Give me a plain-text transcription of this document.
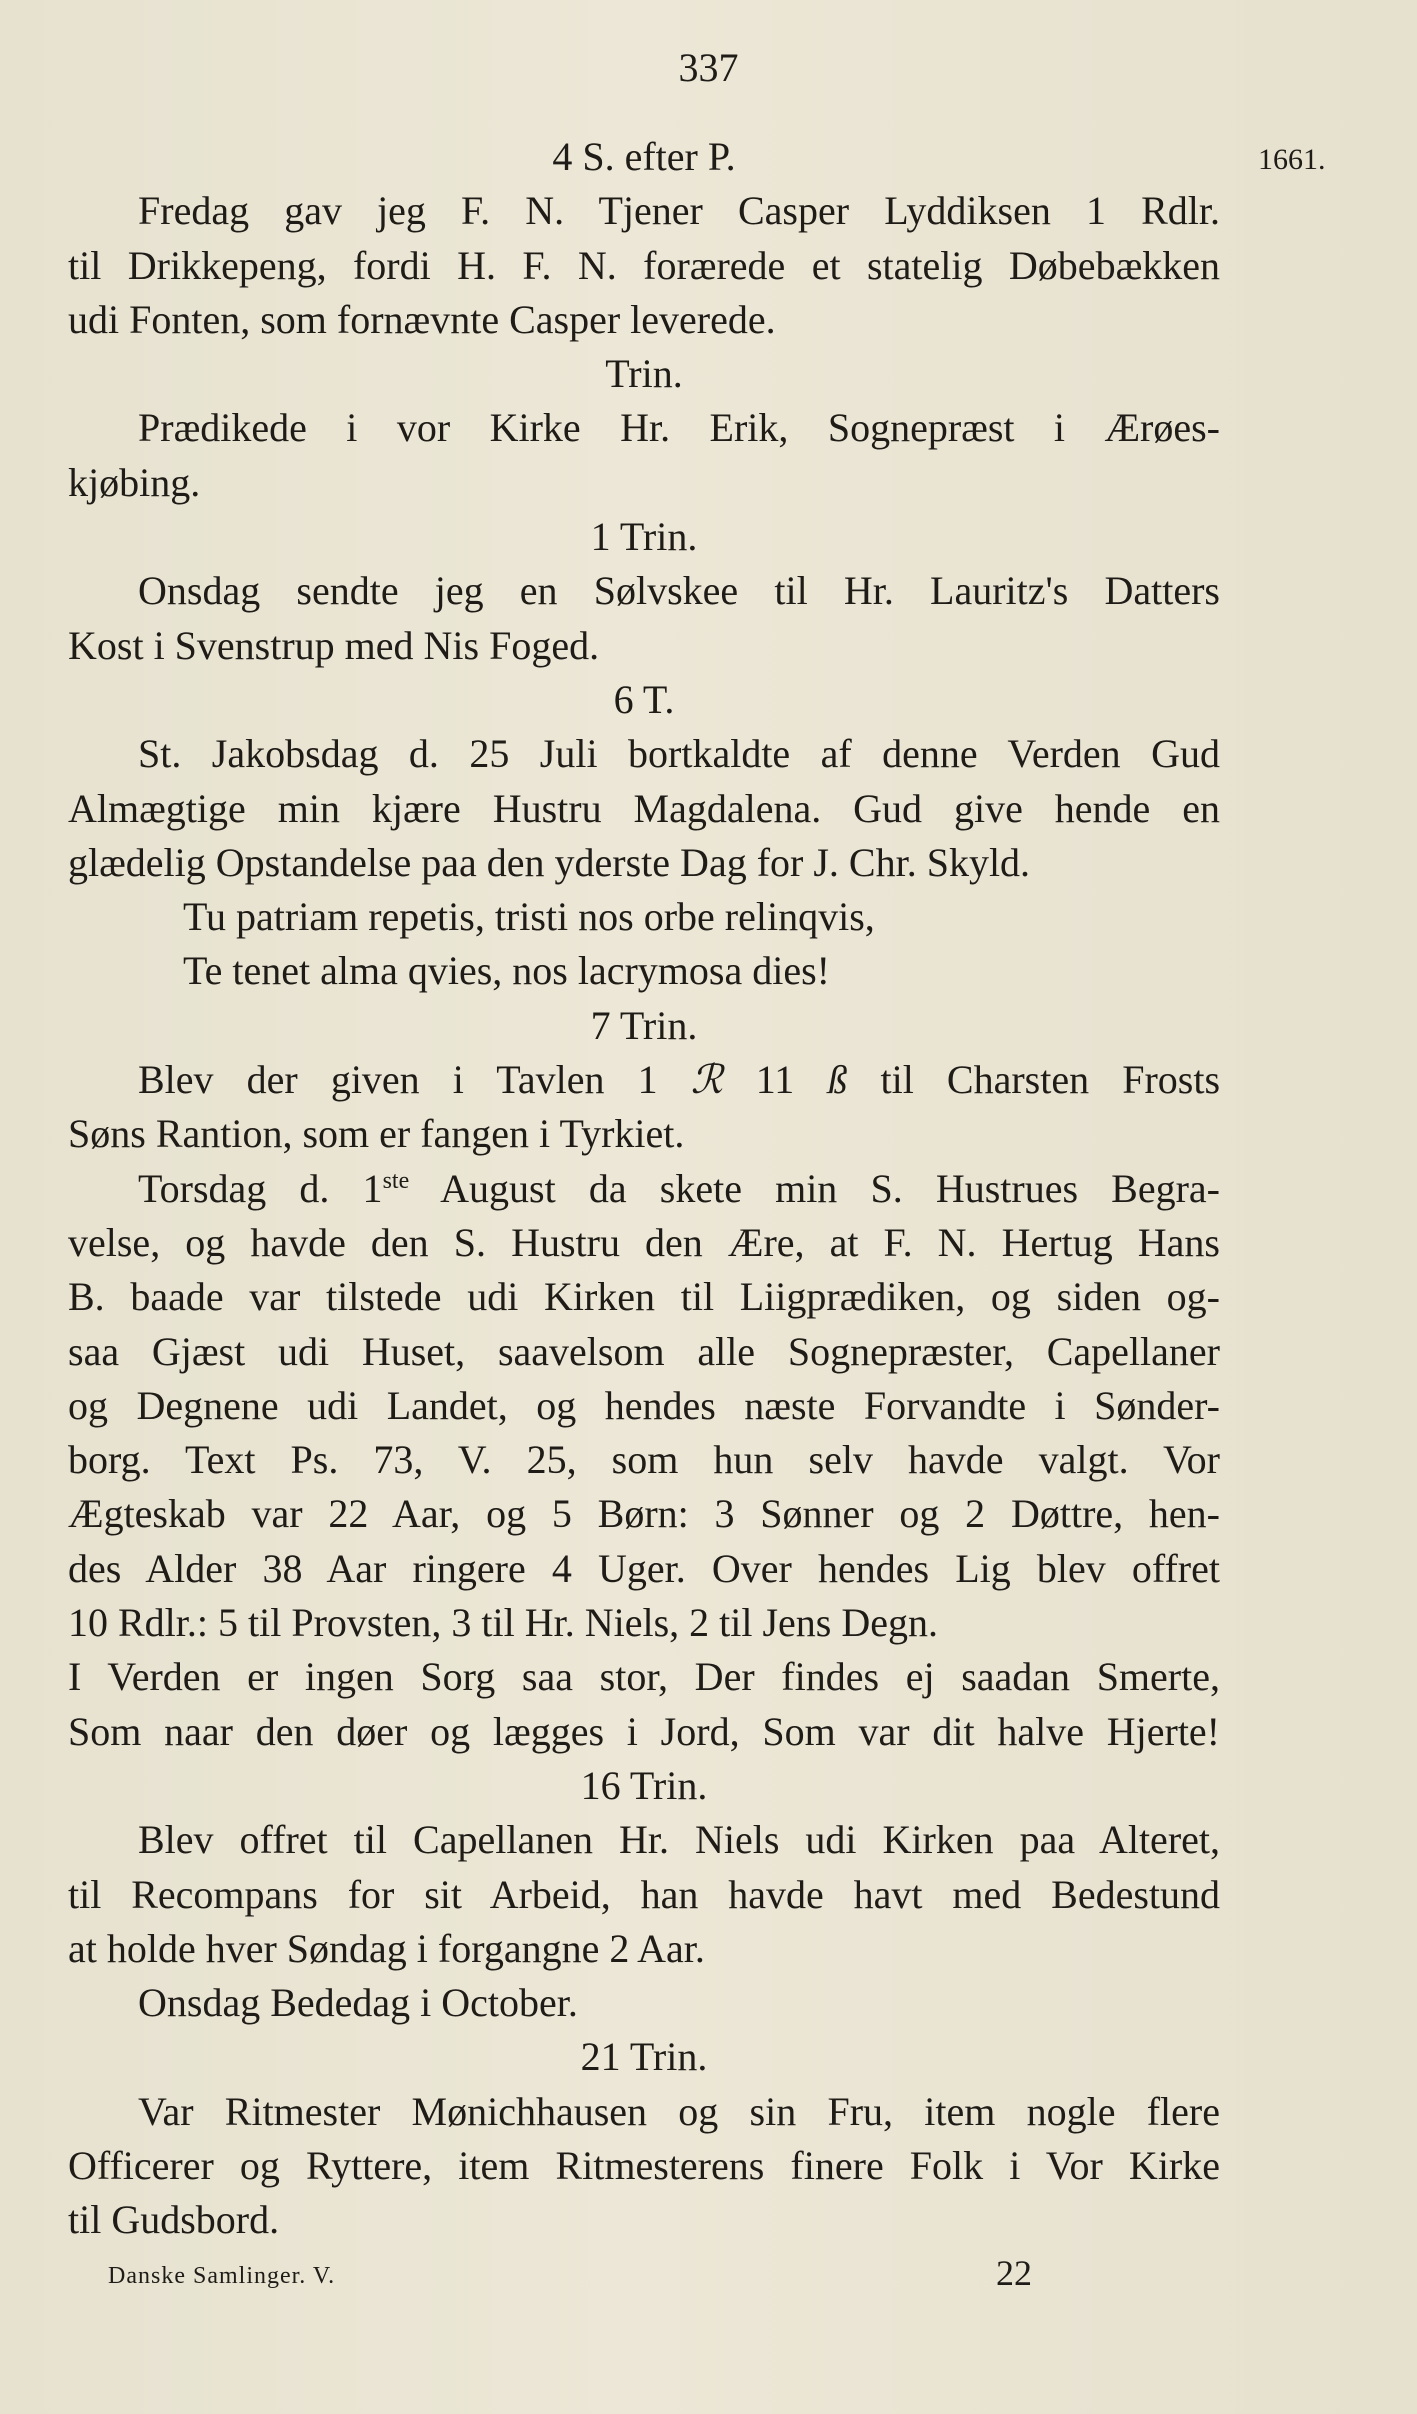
337
1661.
4 S. efter P.
Fredag gav jeg F. N. Tjener Casper Lyddiksen 1 Rdlr.
til Drikkepeng, fordi H. F. N. forærede et statelig Døbebækken
udi Fonten, som fornævnte Casper leverede.
Trin.
Prædikede i vor Kirke Hr. Erik, Sognepræst i Ærøes-
kjøbing.
1 Trin.
Onsdag sendte jeg en Sølvskee til Hr. Lauritz's Datters
Kost i Svenstrup med Nis Foged.
6 T.
St. Jakobsdag d. 25 Juli bortkaldte af denne Verden Gud
Almægtige min kjære Hustru Magdalena. Gud give hende en
glædelig Opstandelse paa den yderste Dag for J. Chr. Skyld.
Tu patriam repetis, tristi nos orbe relinqvis,
Te tenet alma qvies, nos lacrymosa dies!
7 Trin.
Blev der given i Tavlen 1 ℛ 11 ß til Charsten Frosts
Søns Rantion, som er fangen i Tyrkiet.
Torsdag d. 1ste August da skete min S. Hustrues Begra-
velse, og havde den S. Hustru den Ære, at F. N. Hertug Hans
B. baade var tilstede udi Kirken til Liigprædiken, og siden og-
saa Gjæst udi Huset, saavelsom alle Sognepræster, Capellaner
og Degnene udi Landet, og hendes næste Forvandte i Sønder-
borg. Text Ps. 73, V. 25, som hun selv havde valgt. Vor
Ægteskab var 22 Aar, og 5 Børn: 3 Sønner og 2 Døttre, hen-
des Alder 38 Aar ringere 4 Uger. Over hendes Lig blev offret
10 Rdlr.: 5 til Provsten, 3 til Hr. Niels, 2 til Jens Degn.
I Verden er ingen Sorg saa stor, Der findes ej saadan Smerte,
Som naar den døer og lægges i Jord, Som var dit halve Hjerte!
16 Trin.
Blev offret til Capellanen Hr. Niels udi Kirken paa Alteret,
til Recompans for sit Arbeid, han havde havt med Bedestund
at holde hver Søndag i forgangne 2 Aar.
Onsdag Bededag i October.
21 Trin.
Var Ritmester Mønichhausen og sin Fru, item nogle flere
Officerer og Ryttere, item Ritmesterens finere Folk i Vor Kirke
til Gudsbord.
Danske Samlinger. V.	22
